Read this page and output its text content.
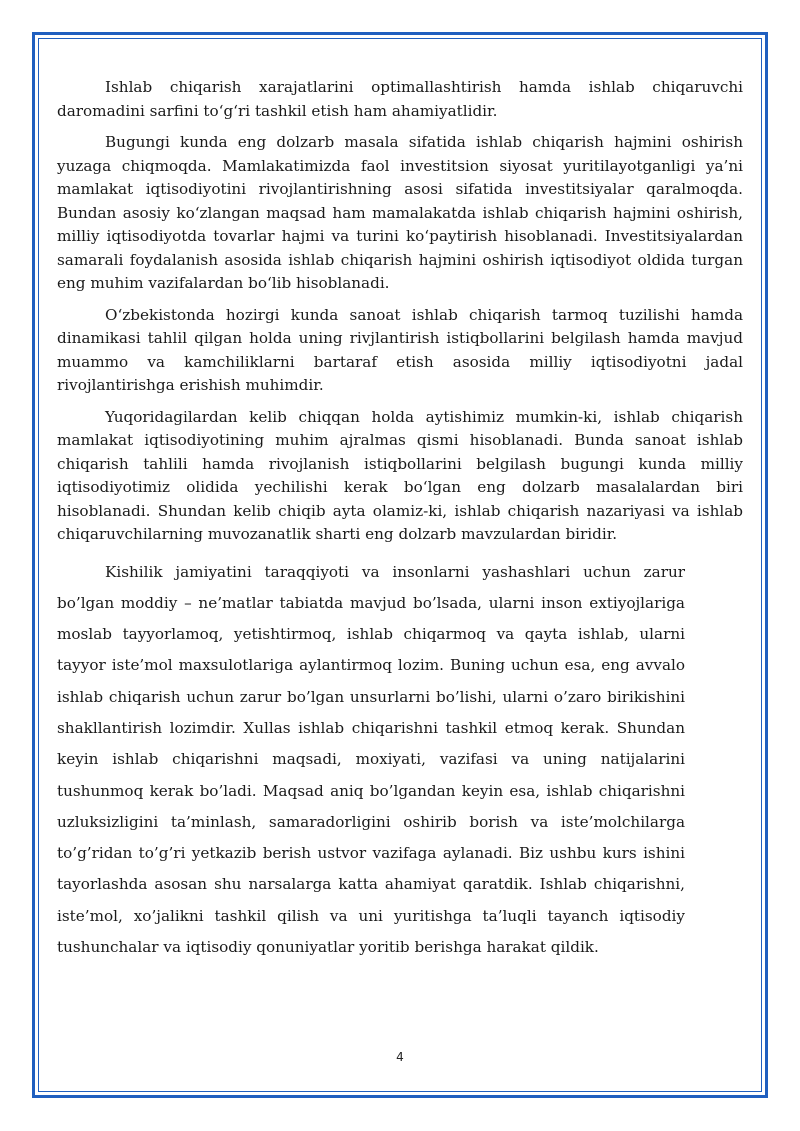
Ishlab chiqarish xarajatlarini optimallashtirish hamda ishlab chiqaruvchi daromadini sarfini to‘g‘ri tashkil etish ham ahamiyatlidir.

Bugungi kunda eng dolzarb masala sifatida ishlab chiqarish hajmini oshirish yuzaga chiqmoqda. Mamlakatimizda faol investitsion siyosat yuritilayotganligi ya’ni mamlakat iqtisodiyotini rivojlantirishning asosi sifatida investitsiyalar qaralmoqda. Bundan asosiy ko‘zlangan maqsad ham mamalakatda ishlab chiqarish hajmini oshirish, milliy iqtisodiyotda tovarlar hajmi va turini ko‘paytirish hisoblanadi. Investitsiyalardan samarali foydalanish asosida ishlab chiqarish hajmini oshirish iqtisodiyot oldida turgan eng muhim vazifalardan bo‘lib hisoblanadi.

O‘zbekistonda hozirgi kunda sanoat ishlab chiqarish tarmoq tuzilishi hamda dinamikasi tahlil qilgan holda uning rivjlantirish istiqbollarini belgilash hamda mavjud muammo va kamchiliklarni bartaraf etish asosida milliy iqtisodiyotni jadal rivojlantirishga erishish muhimdir.

Yuqoridagilardan kelib chiqqan holda aytishimiz mumkin-ki, ishlab chiqarish mamlakat iqtisodiyotining muhim ajralmas qismi hisoblanadi. Bunda sanoat ishlab chiqarish tahlili hamda rivojlanish istiqbollarini belgilash bugungi kunda milliy iqtisodiyotimiz olidida yechilishi kerak bo‘lgan eng dolzarb masalalardan biri hisoblanadi. Shundan kelib chiqib ayta olamiz-ki, ishlab chiqarish nazariyasi va ishlab chiqaruvchilarning muvozanatlik sharti eng dolzarb mavzulardan biridir.

Kishilik jamiyatini taraqqiyoti va insonlarni yashashlari uchun zarur bo’lgan moddiy – ne’matlar tabiatda mavjud bo’lsada, ularni inson extiyojlariga moslab tayyorlamoq, yetishtirmoq, ishlab chiqarmoq va qayta ishlab, ularni tayyor iste’mol maxsulotlariga aylantirmoq lozim. Buning uchun esa, eng avvalo ishlab chiqarish uchun zarur bo’lgan unsurlarni bo’lishi, ularni o’zaro birikishini shakllantirish lozimdir. Xullas ishlab chiqarishni tashkil etmoq kerak. Shundan keyin ishlab chiqarishni maqsadi, moxiyati, vazifasi va uning natijalarini tushunmoq kerak bo’ladi. Maqsad aniq bo’lgandan keyin esa, ishlab chiqarishni uzluksizligini ta’minlash, samaradorligini oshirib borish va iste’molchilarga to’g’ridan to’g’ri yetkazib berish ustvor vazifaga aylanadi. Biz ushbu kurs ishini tayorlashda asosan shu narsalarga katta ahamiyat qaratdik. Ishlab chiqarishni, iste’mol, xo’jalikni tashkil qilish va uni yuritishga ta’luqli tayanch iqtisodiy tushunchalar va iqtisodiy qonuniyatlar yoritib berishga harakat qildik.

4
